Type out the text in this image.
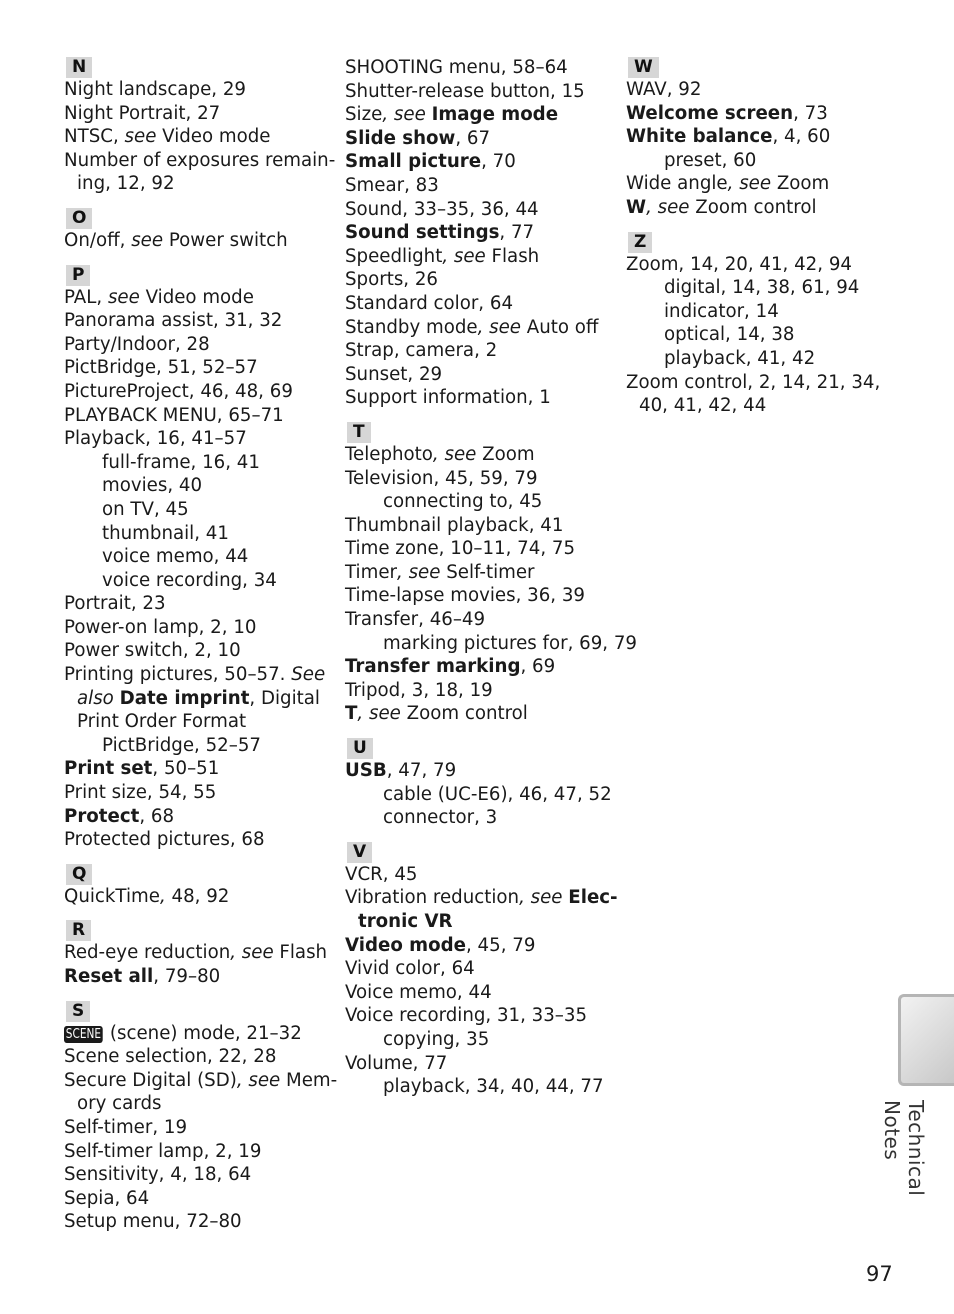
N
Night landscape, 29
Night Portrait, 27
NTSC, see Video mode
Number of exposures remain-
ing, 12, 92
O
On/off, see Power switch
P
PAL, see Video mode
Panorama assist, 31, 32
Party/Indoor, 28
PictBridge, 51, 52–57
PictureProject, 46, 48, 69
PLAYBACK MENU, 65–71
Playback, 16, 41–57
full-frame, 16, 41
movies, 40
on TV, 45
thumbnail, 41
voice memo, 44
voice recording, 34
Portrait, 23
Power-on lamp, 2, 10
Power switch, 2, 10
Printing pictures, 50–57. See
also Date imprint, Digital
Print Order Format
PictBridge, 52–57
Print set, 50–51
Print size, 54, 55
Protect, 68
Protected pictures, 68
Q
QuickTime, 48, 92
R
Red-eye reduction, see Flash
Reset all, 79–80
S
SCENE (scene) mode, 21–32
Scene selection, 22, 28
Secure Digital (SD), see Mem-
ory cards
Self-timer, 19
Self-timer lamp, 2, 19
Sensitivity, 4, 18, 64
Sepia, 64
Setup menu, 72–80
SHOOTING menu, 58–64
Shutter-release button, 15
Size, see Image mode
Slide show, 67
Small picture, 70
Smear, 83
Sound, 33–35, 36, 44
Sound settings, 77
Speedlight, see Flash
Sports, 26
Standard color, 64
Standby mode, see Auto off
Strap, camera, 2
Sunset, 29
Support information, 1
T
Telephoto, see Zoom
Television, 45, 59, 79
connecting to, 45
Thumbnail playback, 41
Time zone, 10–11, 74, 75
Timer, see Self-timer
Time-lapse movies, 36, 39
Transfer, 46–49
marking pictures for, 69, 79
Transfer marking, 69
Tripod, 3, 18, 19
T, see Zoom control
U
USB, 47, 79
cable (UC-E6), 46, 47, 52
connector, 3
V
VCR, 45
Vibration reduction, see Elec-
tronic VR
Video mode, 45, 79
Vivid color, 64
Voice memo, 44
Voice recording, 31, 33–35
copying, 35
Volume, 77
playback, 34, 40, 44, 77
W
WAV, 92
Welcome screen, 73
White balance, 4, 60
preset, 60
Wide angle, see Zoom
W, see Zoom control
Z
Zoom, 14, 20, 41, 42, 94
digital, 14, 38, 61, 94
indicator, 14
optical, 14, 38
playback, 41, 42
Zoom control, 2, 14, 21, 34,
40, 41, 42, 44
Technical Notes
97
